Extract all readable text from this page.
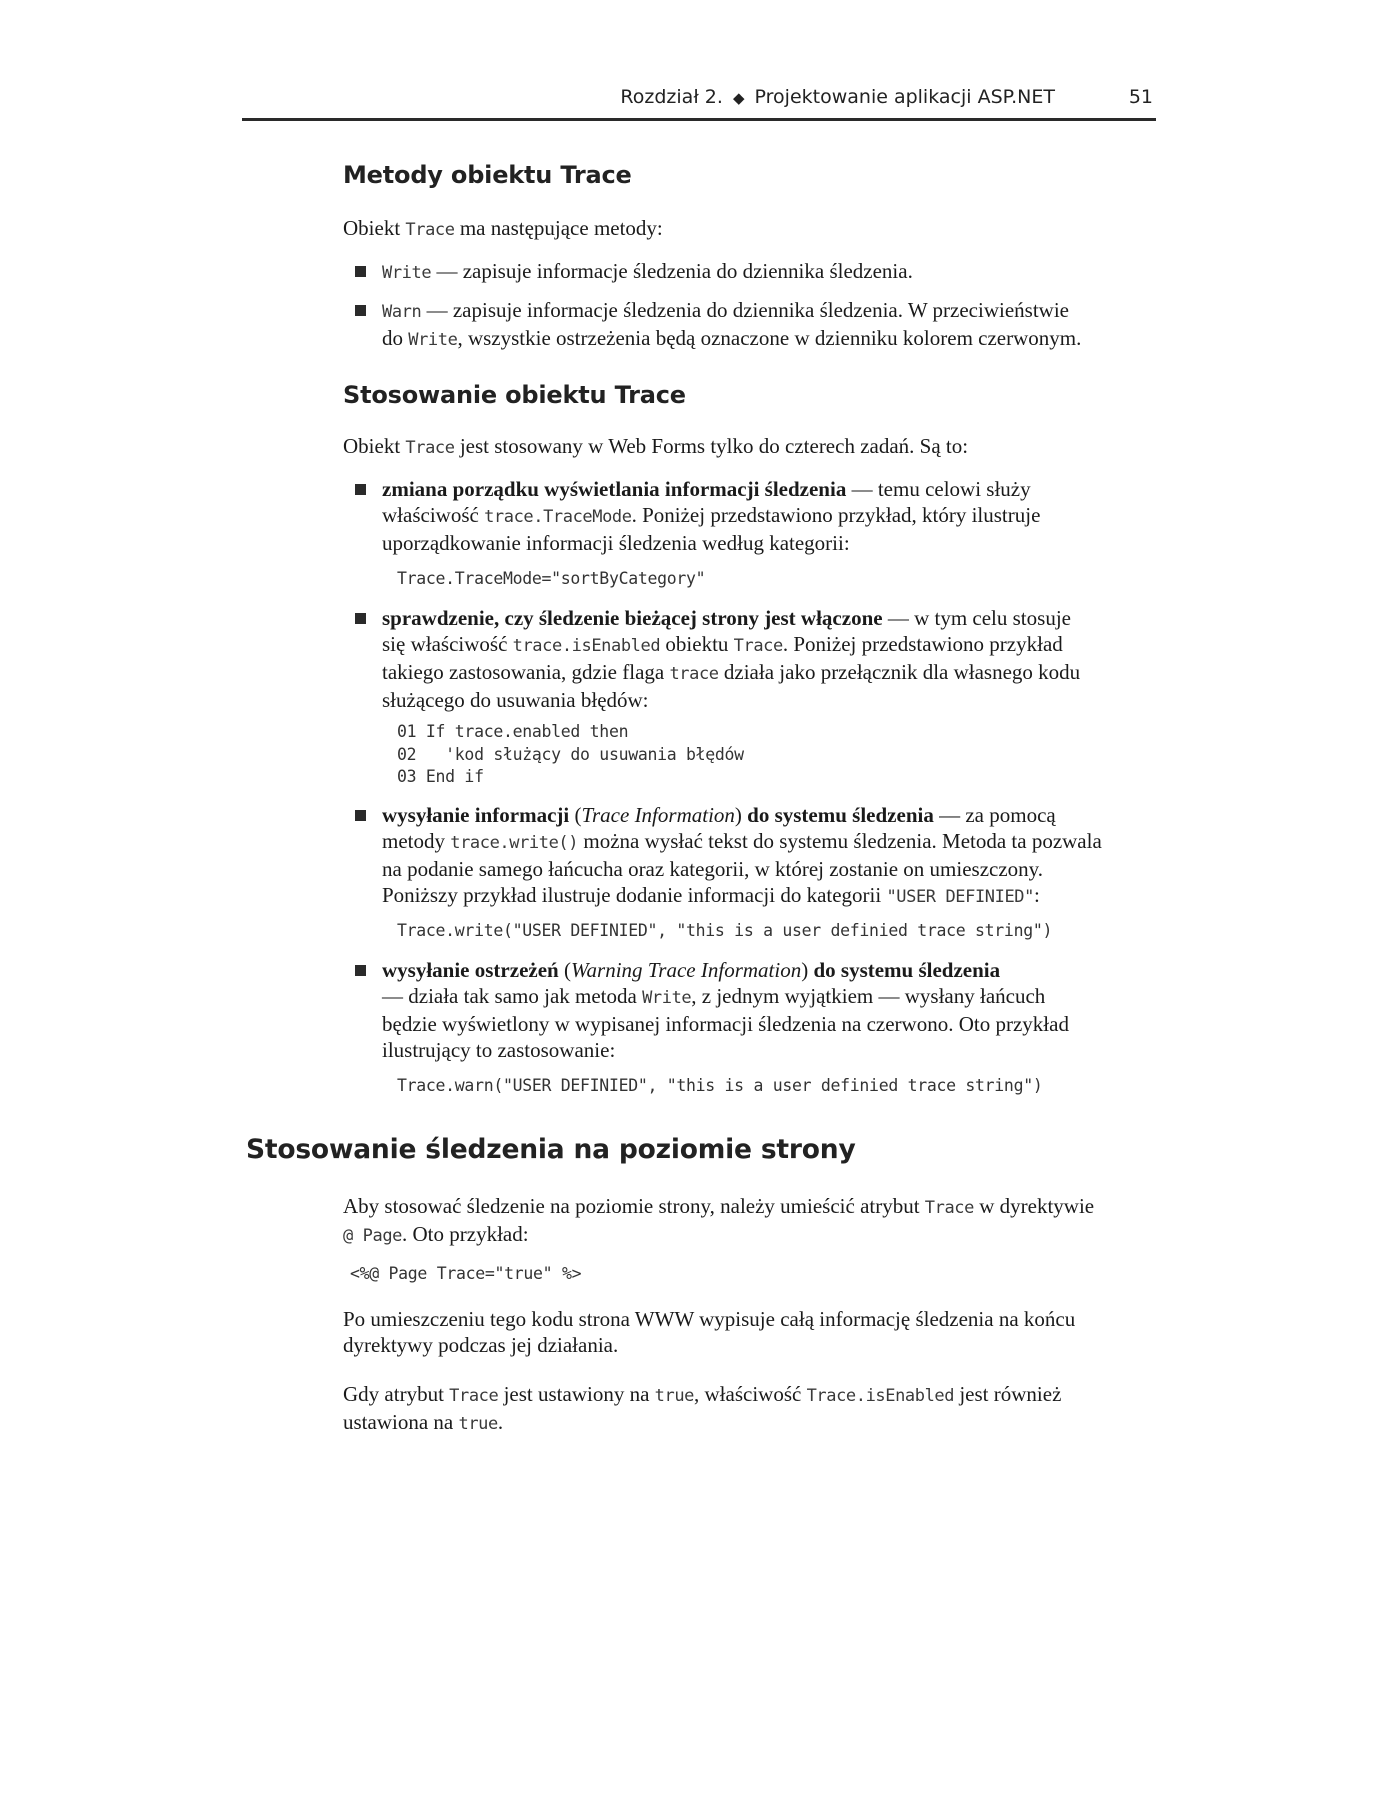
Rozdział 2. ◆ Projektowanie aplikacji ASP.NET	51
Metody obiektu Trace
Obiekt Trace ma następujące metody:
Write — zapisuje informacje śledzenia do dziennika śledzenia.
Warn — zapisuje informacje śledzenia do dziennika śledzenia. W przeciwieństwie
do Write, wszystkie ostrzeżenia będą oznaczone w dzienniku kolorem czerwonym.
Stosowanie obiektu Trace
Obiekt Trace jest stosowany w Web Forms tylko do czterech zadań. Są to:
zmiana porządku wyświetlania informacji śledzenia — temu celowi służy
właściwość trace.TraceMode. Poniżej przedstawiono przykład, który ilustruje
uporządkowanie informacji śledzenia według kategorii:
Trace.TraceMode="sortByCategory"
sprawdzenie, czy śledzenie bieżącej strony jest włączone — w tym celu stosuje
się właściwość trace.isEnabled obiektu Trace. Poniżej przedstawiono przykład
takiego zastosowania, gdzie flaga trace działa jako przełącznik dla własnego kodu
służącego do usuwania błędów:
01 If trace.enabled then
02   'kod służący do usuwania błędów
03 End if
wysyłanie informacji (Trace Information) do systemu śledzenia –– za pomocą
metody trace.write() można wysłać tekst do systemu śledzenia. Metoda ta pozwala
na podanie samego łańcucha oraz kategorii, w której zostanie on umieszczony.
Poniższy przykład ilustruje dodanie informacji do kategorii "USER DEFINIED":
Trace.write("USER DEFINIED", "this is a user definied trace string")
wysyłanie ostrzeżeń (Warning Trace Information) do systemu śledzenia
— działa tak samo jak metoda Write, z jednym wyjątkiem — wysłany łańcuch
będzie wyświetlony w wypisanej informacji śledzenia na czerwono. Oto przykład
ilustrujący to zastosowanie:
Trace.warn("USER DEFINIED", "this is a user definied trace string")
Stosowanie śledzenia na poziomie strony
Aby stosować śledzenie na poziomie strony, należy umieścić atrybut Trace w dyrektywie
@ Page. Oto przykład:
<%@ Page Trace="true" %>
Po umieszczeniu tego kodu strona WWW wypisuje całą informację śledzenia na końcu
dyrektywy podczas jej działania.
Gdy atrybut Trace jest ustawiony na true, właściwość Trace.isEnabled jest również
ustawiona na true.
